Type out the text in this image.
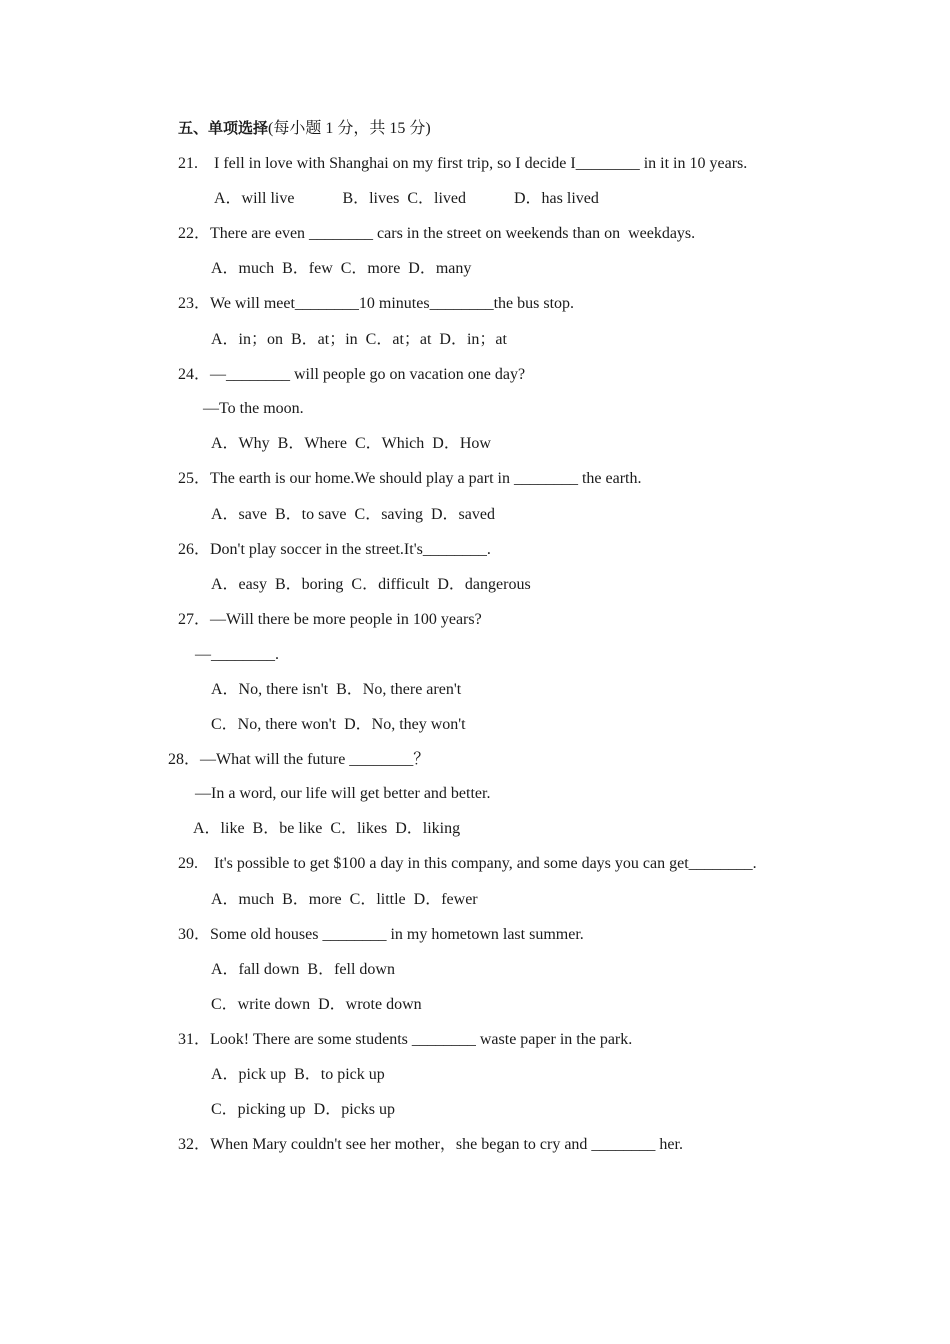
五、单项选择(每小题 1 分，共 15 分)
21.　I fell in love with Shanghai on my first trip, so I decide I________ in it in 10 years.
A．will live　　　B．lives  C．lived　　　D．has lived
22．There are even ________ cars in the street on weekends than on  weekdays.
A．much  B．few  C．more  D．many
23．We will meet________10 minutes________the bus stop.
A．in；on  B．at；in  C．at；at  D．in；at
24．—________ will people go on vacation one day?
—To the moon.
A．Why  B．Where  C．Which  D．How
25．The earth is our home.We should play a part in ________ the earth.
A．save  B．to save  C．saving  D．saved
26．Don't play soccer in the street.It's________.
A．easy  B．boring  C．difficult  D．dangerous
27．—Will there be more people in 100 years?
—________.
A．No, there isn't  B．No, there aren't
C．No, there won't  D．No, they won't
28．—What will the future ________？
—In a word, our life will get better and better.
A．like  B．be like  C．likes  D．liking
29.　It's possible to get $100 a day in this company, and some days you can get________.
A．much  B．more  C．little  D．fewer
30．Some old houses ________ in my hometown last summer.
A．fall down  B．fell down
C．write down  D．wrote down
31．Look! There are some students ________ waste paper in the park.
A．pick up  B．to pick up
C．picking up  D．picks up
32．When Mary couldn't see her mother，she began to cry and ________ her.
